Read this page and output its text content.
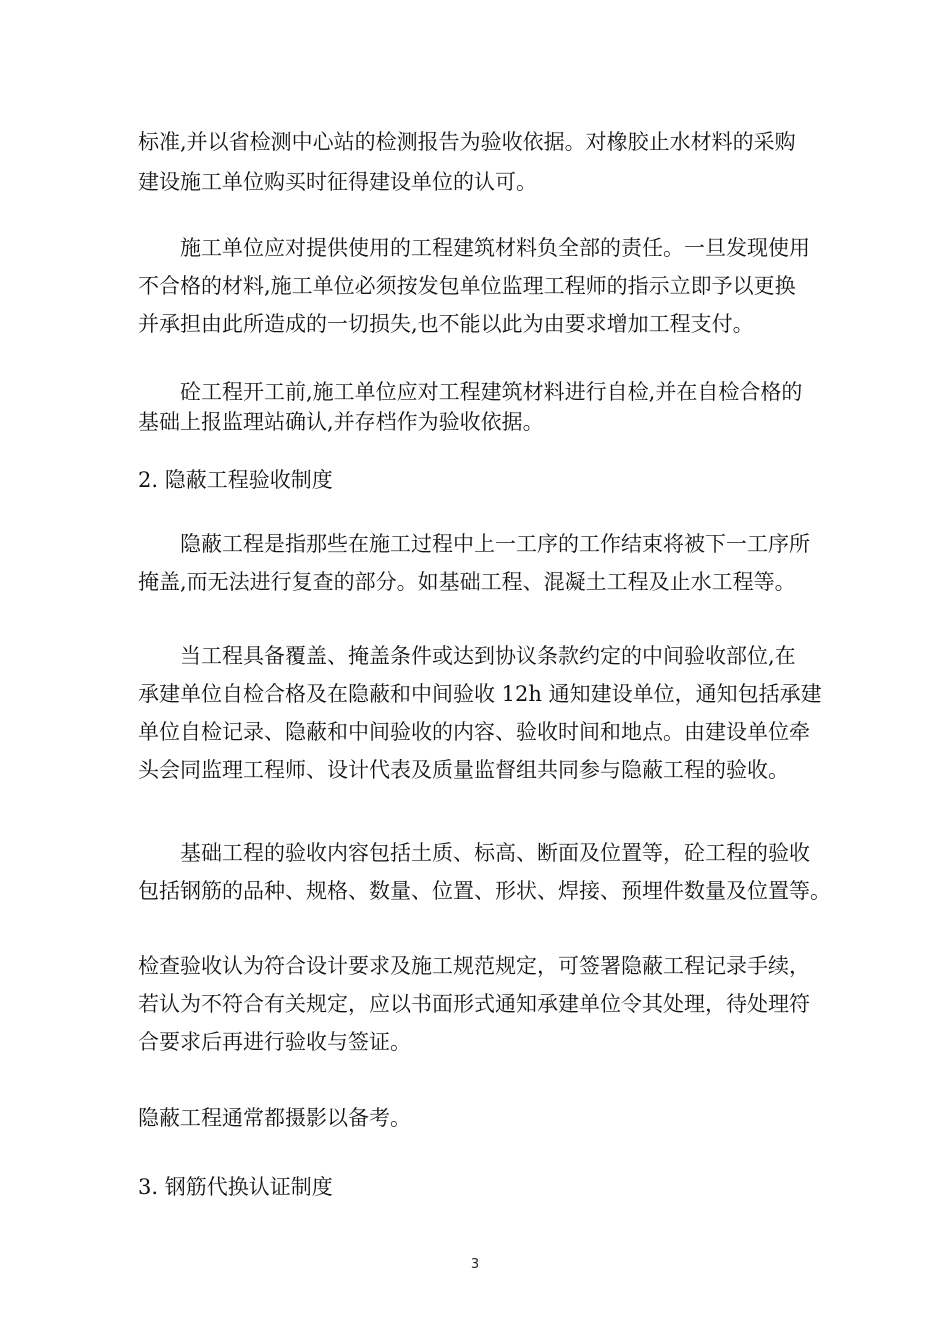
标准,并以省检测中心站的检测报告为验收依据。对橡胶止水材料的采购
建设施工单位购买时征得建设单位的认可。
　　施工单位应对提供使用的工程建筑材料负全部的责任。一旦发现使用
不合格的材料,施工单位必须按发包单位监理工程师的指示立即予以更换
并承担由此所造成的一切损失,也不能以此为由要求增加工程支付。
　　砼工程开工前,施工单位应对工程建筑材料进行自检,并在自检合格的
基础上报监理站确认,并存档作为验收依据。
2. 隐蔽工程验收制度
　　隐蔽工程是指那些在施工过程中上一工序的工作结束将被下一工序所
掩盖,而无法进行复查的部分。如基础工程、混凝土工程及止水工程等。
　　当工程具备覆盖、掩盖条件或达到协议条款约定的中间验收部位,在
承建单位自检合格及在隐蔽和中间验收 12h 通知建设单位，通知包括承建
单位自检记录、隐蔽和中间验收的内容、验收时间和地点。由建设单位牵
头会同监理工程师、设计代表及质量监督组共同参与隐蔽工程的验收。
　　基础工程的验收内容包括土质、标高、断面及位置等，砼工程的验收
包括钢筋的品种、规格、数量、位置、形状、焊接、预埋件数量及位置等。
检查验收认为符合设计要求及施工规范规定，可签署隐蔽工程记录手续，
若认为不符合有关规定，应以书面形式通知承建单位令其处理，待处理符
合要求后再进行验收与签证。
隐蔽工程通常都摄影以备考。
3. 钢筋代换认证制度
3
